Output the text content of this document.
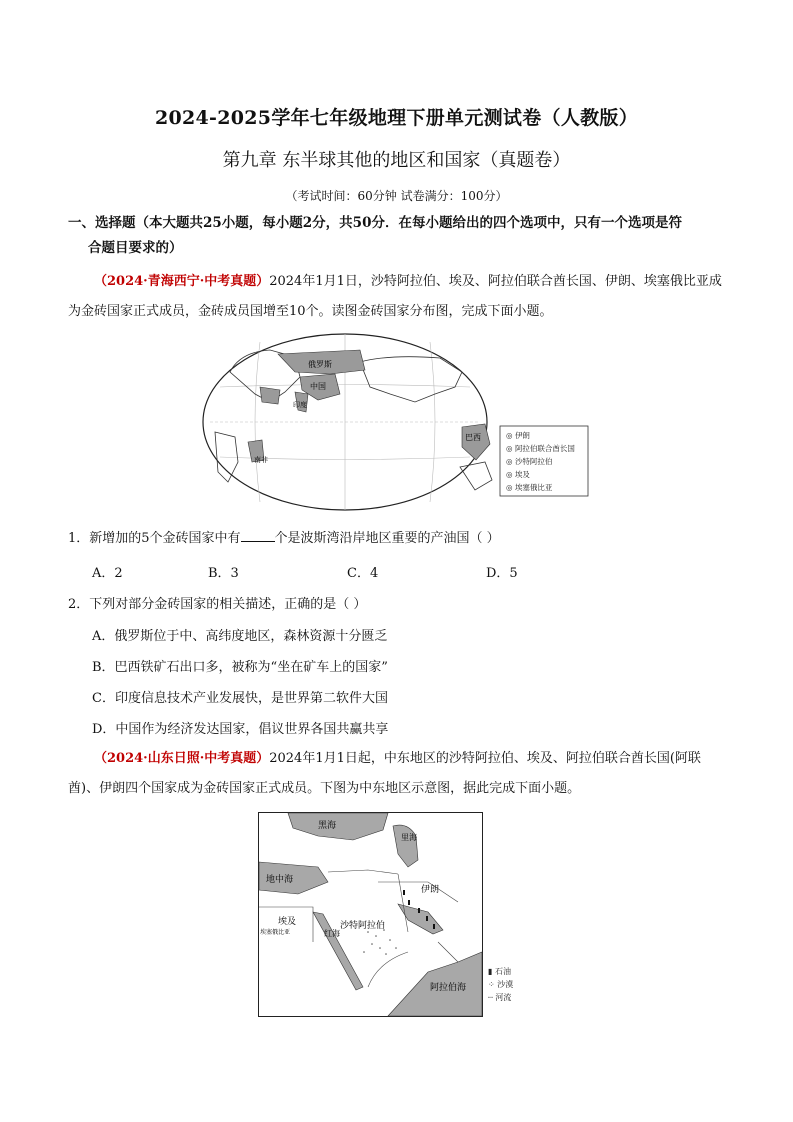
2024-2025学年七年级地理下册单元测试卷（人教版）
第九章 东半球其他的地区和国家（真题卷）
（考试时间：60分钟 试卷满分：100分）
一、选择题（本大题共25小题，每小题2分，共50分．在每小题给出的四个选项中，只有一个选项是符
合题目要求的）
（2024·青海西宁·中考真题）2024年1月1日，沙特阿拉伯、埃及、阿拉伯联合酋长国、伊朗、埃塞俄比亚成为金砖国家正式成员，金砖成员国增至10个。读图金砖国家分布图，完成下面小题。
俄罗斯
中国
印度
巴西
南非
◎ 伊朗
◎ 阿拉伯联合酋长国
◎ 沙特阿拉伯
◎ 埃及
◎ 埃塞俄比亚
1．新增加的5个金砖国家中有	个是波斯湾沿岸地区重要的产油国（ ）
A．2	B．3	C．4	D．5
2．下列对部分金砖国家的相关描述，正确的是（ ）
A．俄罗斯位于中、高纬度地区，森林资源十分匮乏
B．巴西铁矿石出口多，被称为“坐在矿车上的国家”
C．印度信息技术产业发展快，是世界第二软件大国
D．中国作为经济发达国家，倡议世界各国共赢共享
（2024·山东日照·中考真题）2024年1月1日起，中东地区的沙特阿拉伯、埃及、阿拉伯联合酋长国(阿联酋)、伊朗四个国家成为金砖国家正式成员。下图为中东地区示意图，据此完成下面小题。
黑海
里海
地中海
伊朗
埃及	沙特阿拉伯
红海
阿拉伯海
埃塞俄比亚
▮ 石油
⁘ 沙漠
┈ 河流
